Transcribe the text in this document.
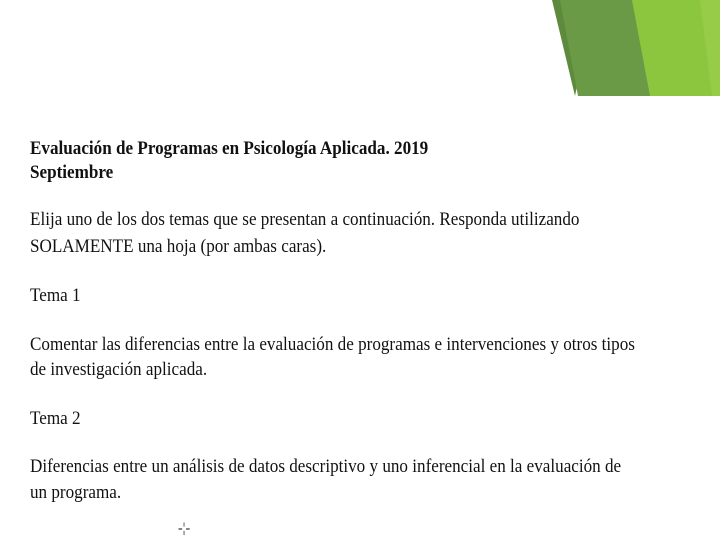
Evaluación de Programas en Psicología Aplicada. 2019

Septiembre

Elija uno de los dos temas que se presentan a continuación. Responda utilizando

SOLAMENTE una hoja (por ambas caras).

Tema 1

Comentar las diferencias entre la evaluación de programas e intervenciones y otros tipos

de investigación aplicada.

Tema 2

Diferencias entre un análisis de datos descriptivo y uno inferencial en la evaluación de

un programa.

-¦-
